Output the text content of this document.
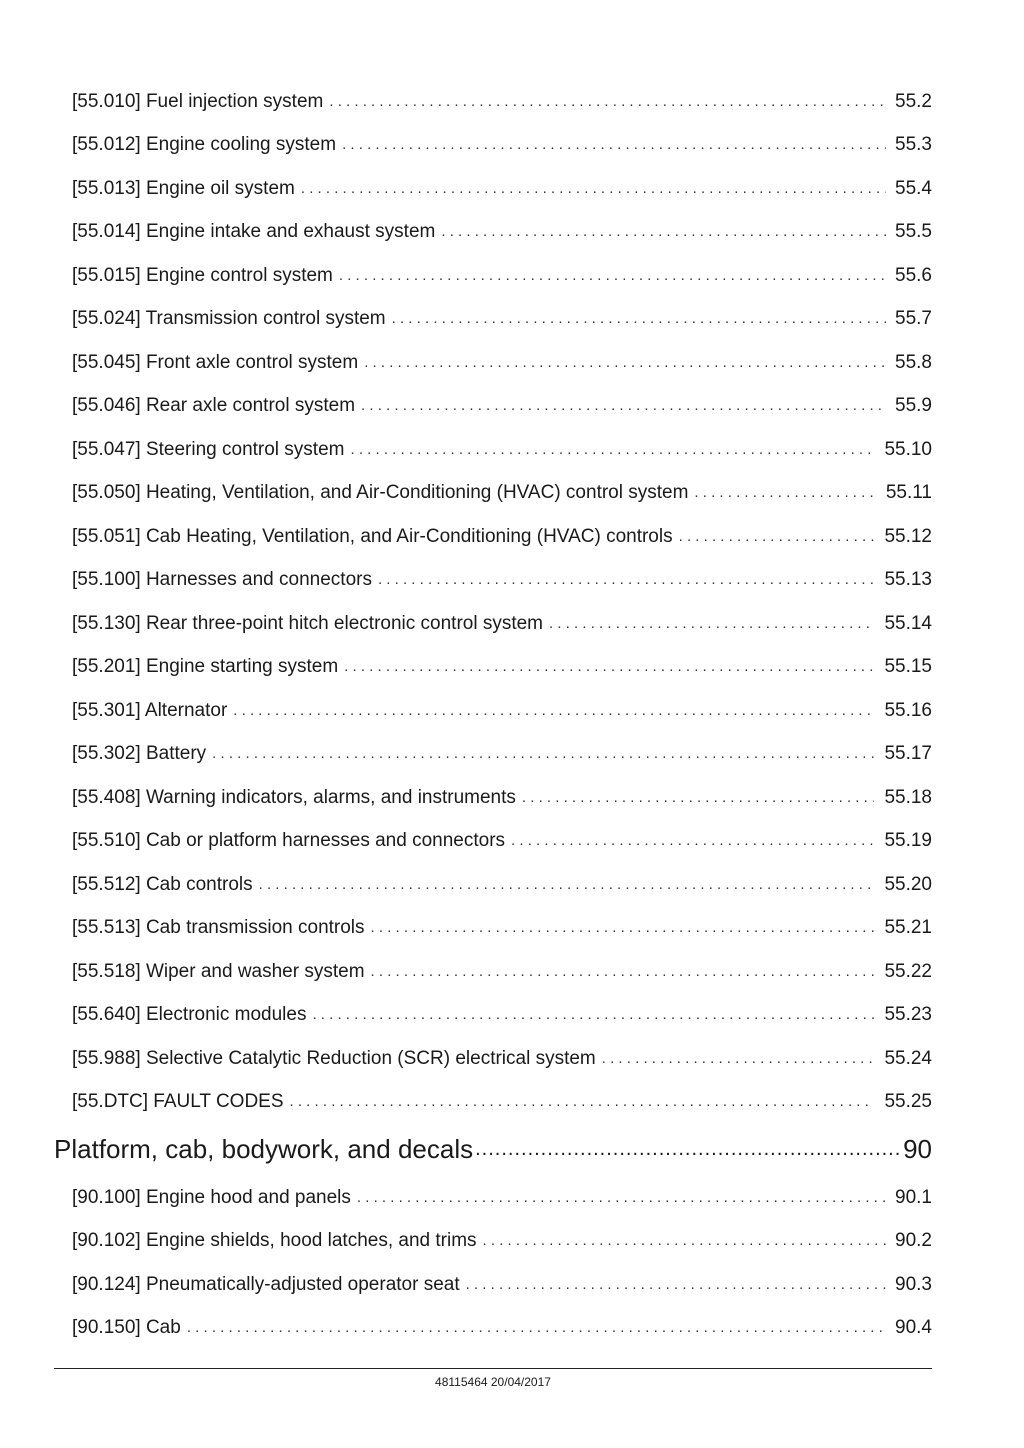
[55.010] Fuel injection system . . .	55.2
[55.012] Engine cooling system . . .	55.3
[55.013] Engine oil system . . .	55.4
[55.014] Engine intake and exhaust system . . .	55.5
[55.015] Engine control system . . .	55.6
[55.024] Transmission control system . . .	55.7
[55.045] Front axle control system . . .	55.8
[55.046] Rear axle control system . . .	55.9
[55.047] Steering control system . . .	55.10
[55.050] Heating, Ventilation, and Air-Conditioning (HVAC) control system . . .	55.11
[55.051] Cab Heating, Ventilation, and Air-Conditioning (HVAC) controls . . .	55.12
[55.100] Harnesses and connectors . . .	55.13
[55.130] Rear three-point hitch electronic control system . . .	55.14
[55.201] Engine starting system . . .	55.15
[55.301] Alternator . . .	55.16
[55.302] Battery . . .	55.17
[55.408] Warning indicators, alarms, and instruments . . .	55.18
[55.510] Cab or platform harnesses and connectors . . .	55.19
[55.512] Cab controls . . .	55.20
[55.513] Cab transmission controls . . .	55.21
[55.518] Wiper and washer system . . .	55.22
[55.640] Electronic modules . . .	55.23
[55.988] Selective Catalytic Reduction (SCR) electrical system . . .	55.24
[55.DTC] FAULT CODES . . .	55.25
Platform, cab, bodywork, and decals .....	90
[90.100] Engine hood and panels . . .	90.1
[90.102] Engine shields, hood latches, and trims . . .	90.2
[90.124] Pneumatically-adjusted operator seat . . .	90.3
[90.150] Cab . . .	90.4
48115464 20/04/2017
